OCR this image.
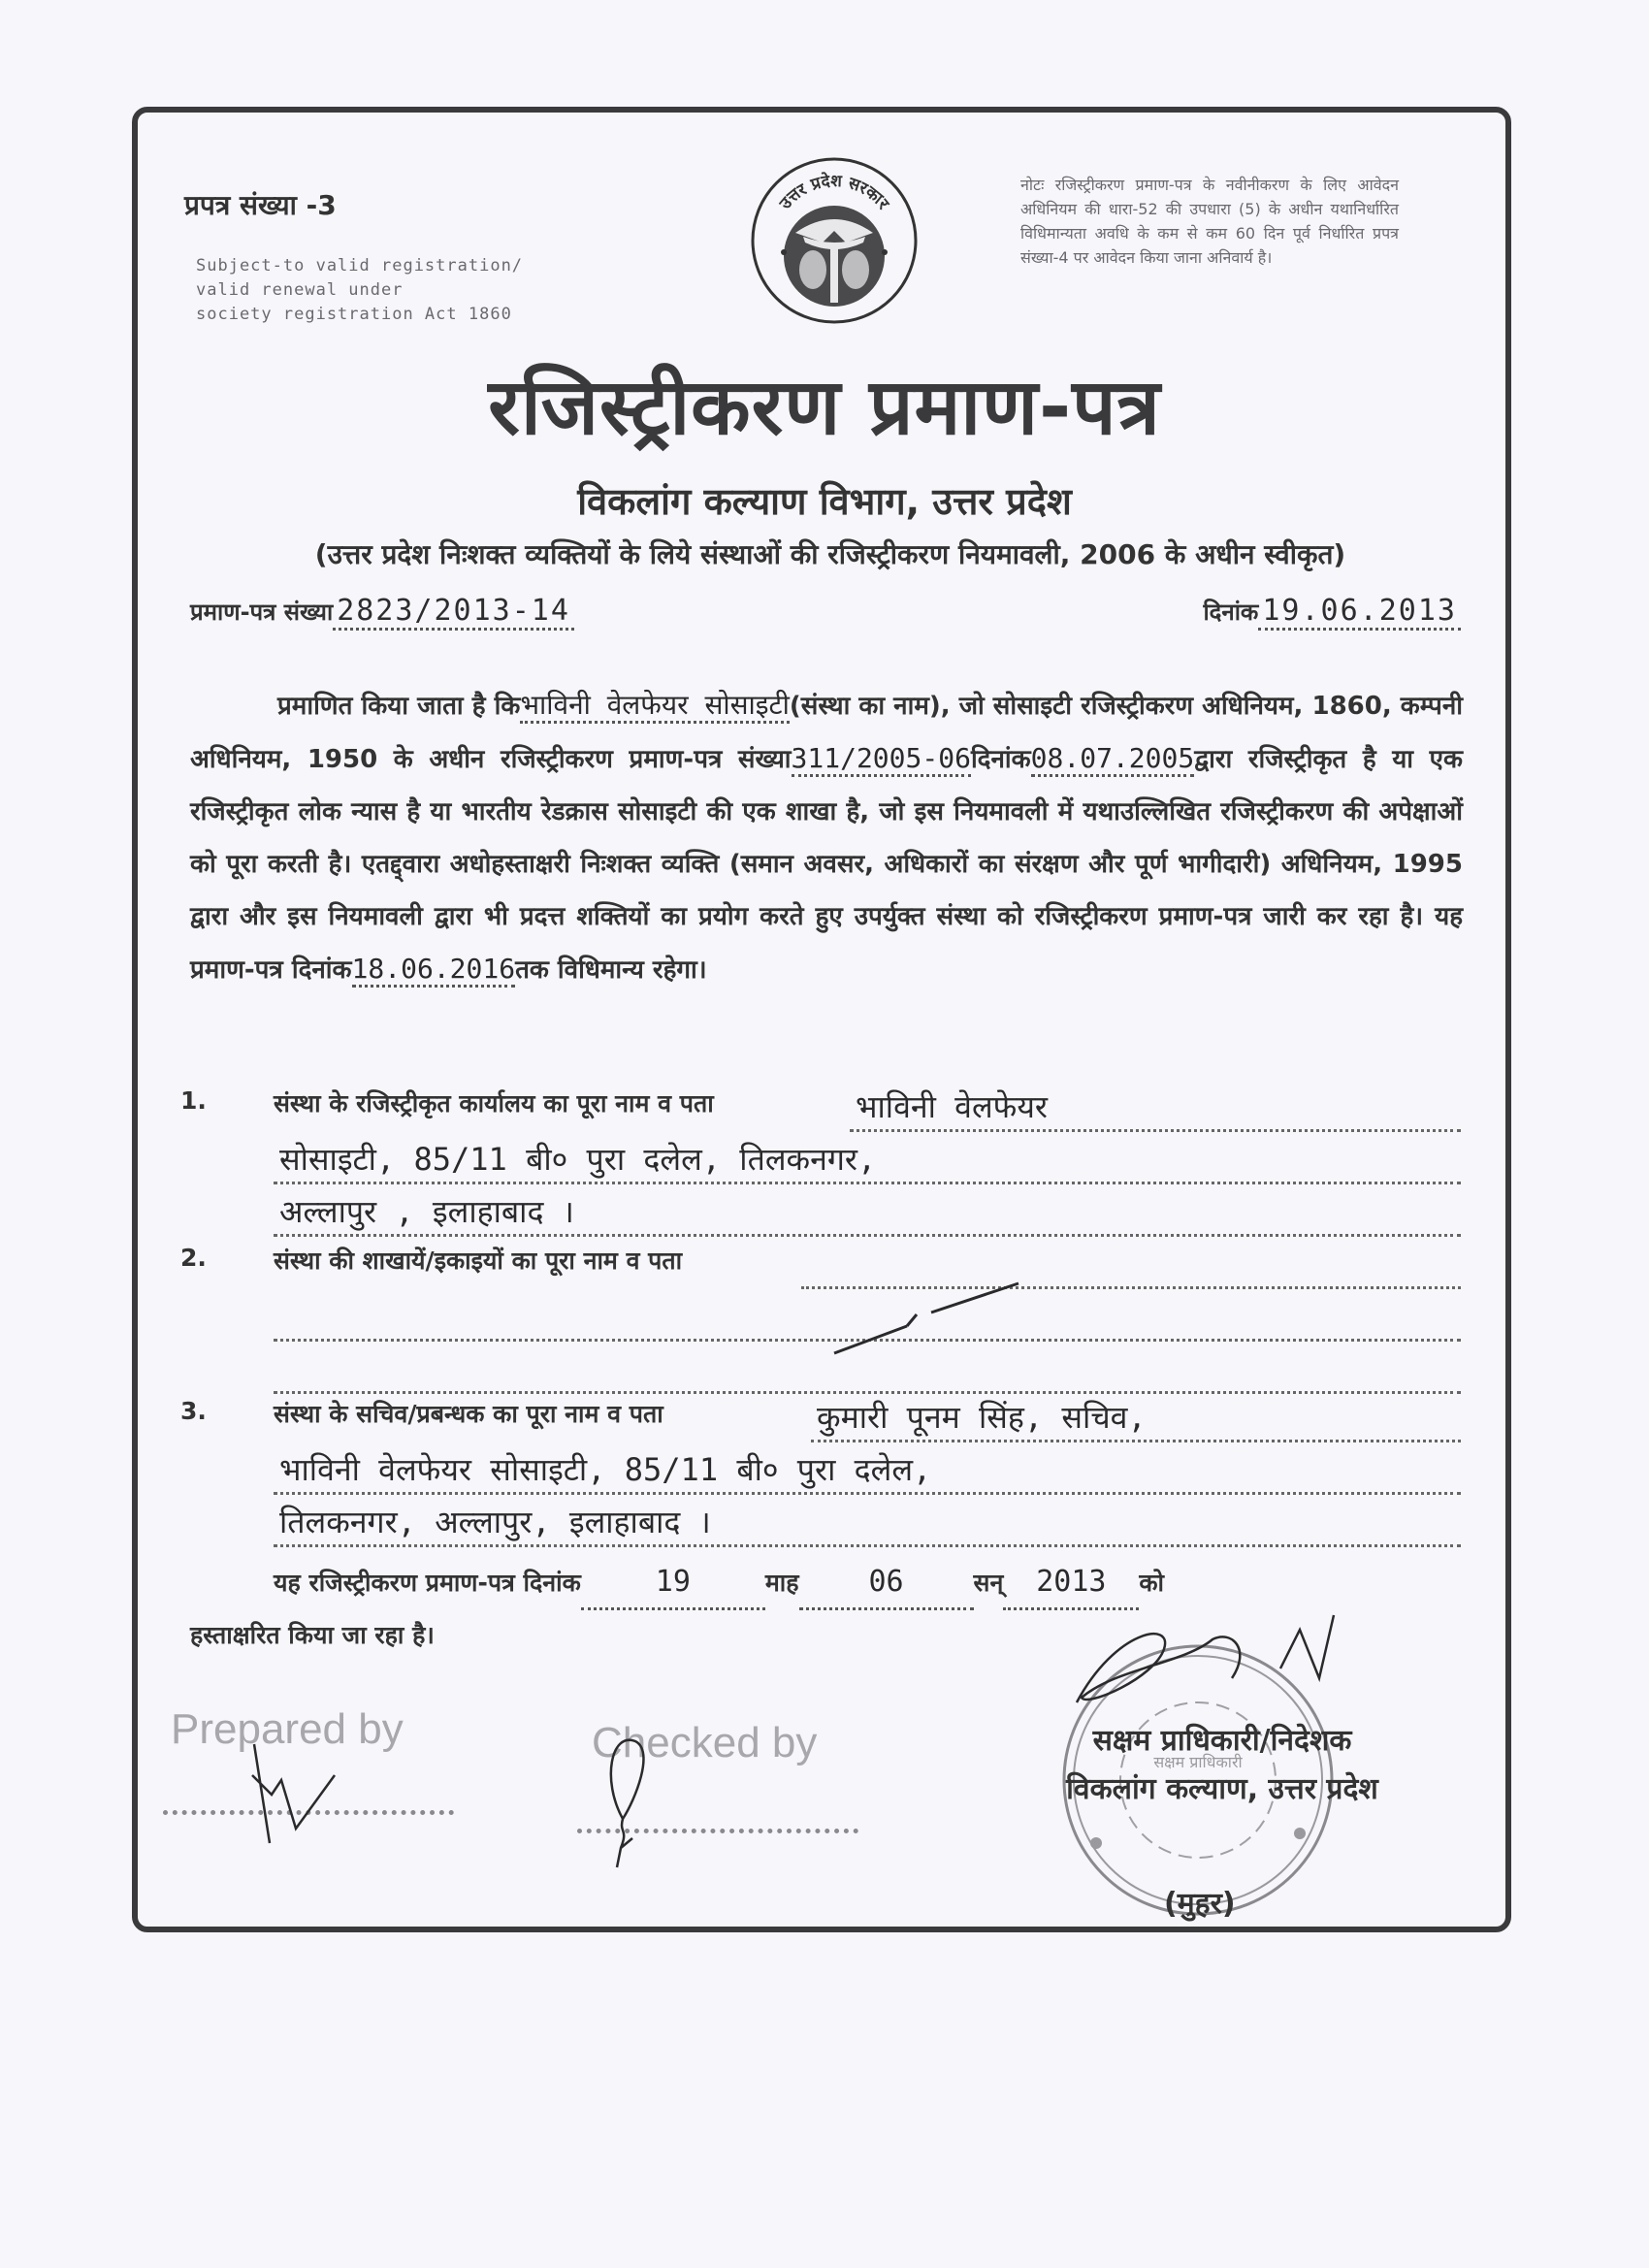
प्रपत्र संख्या -3
Subject-to valid registration/
valid renewal under
society registration Act 1860
उत्तर प्रदेश सरकार
नोटः रजिस्ट्रीकरण प्रमाण-पत्र के नवीनीकरण के लिए आवेदन अधिनियम की धारा-52 की उपधारा (5) के अधीन यथानिर्धारित विधिमान्यता अवधि के कम से कम 60 दिन पूर्व निर्धारित प्रपत्र संख्या-4 पर आवेदन किया जाना अनिवार्य है।
रजिस्ट्रीकरण प्रमाण-पत्र
विकलांग कल्याण विभाग, उत्तर प्रदेश
(उत्तर प्रदेश निःशक्त व्यक्तियों के लिये संस्थाओं की रजिस्ट्रीकरण नियमावली, 2006 के अधीन स्वीकृत)
प्रमाण-पत्र संख्या 2823/2013-14	दिनांक 19.06.2013
प्रमाणित किया जाता है किभाविनी वेलफेयर सोसाइटी(संस्था का नाम), जो सोसाइटी रजिस्ट्रीकरण अधिनियम, 1860, कम्पनी अधिनियम, 1950 के अधीन रजिस्ट्रीकरण प्रमाण-पत्र संख्या311/2005-06दिनांक08.07.2005द्वारा रजिस्ट्रीकृत है या एक रजिस्ट्रीकृत लोक न्यास है या भारतीय रेडक्रास सोसाइटी की एक शाखा है, जो इस नियमावली में यथाउल्लिखित रजिस्ट्रीकरण की अपेक्षाओं को पूरा करती है। एतद्द्वारा अधोहस्ताक्षरी निःशक्त व्यक्ति (समान अवसर, अधिकारों का संरक्षण और पूर्ण भागीदारी) अधिनियम, 1995 द्वारा और इस नियमावली द्वारा भी प्रदत्त शक्तियों का प्रयोग करते हुए उपर्युक्त संस्था को रजिस्ट्रीकरण प्रमाण-पत्र जारी कर रहा है। यह प्रमाण-पत्र दिनांक18.06.2016तक विधिमान्य रहेगा।
1.	संस्था के रजिस्ट्रीकृत कार्यालय का पूरा नाम व पता	भाविनी वेलफेयर
सोसाइटी, 85/11 बी० पुरा दलेल, तिलकनगर,
अल्लापुर , इलाहाबाद ।
2.	संस्था की शाखायें/इकाइयों का पूरा नाम व पता
3.	संस्था के सचिव/प्रबन्धक का पूरा नाम व पता	कुमारी पूनम सिंह, सचिव,
भाविनी वेलफेयर सोसाइटी, 85/11 बी० पुरा दलेल,
तिलकनगर, अल्लापुर, इलाहाबाद ।
यह रजिस्ट्रीकरण प्रमाण-पत्र दिनांक	19	माह 06	सन् 2013 को
हस्ताक्षरित किया जा रहा है।
Prepared by	Checked by	सक्षम प्राधिकारी
सक्षम प्राधिकारी/निदेशक
विकलांग कल्याण, उत्तर प्रदेश
(मुहर)
